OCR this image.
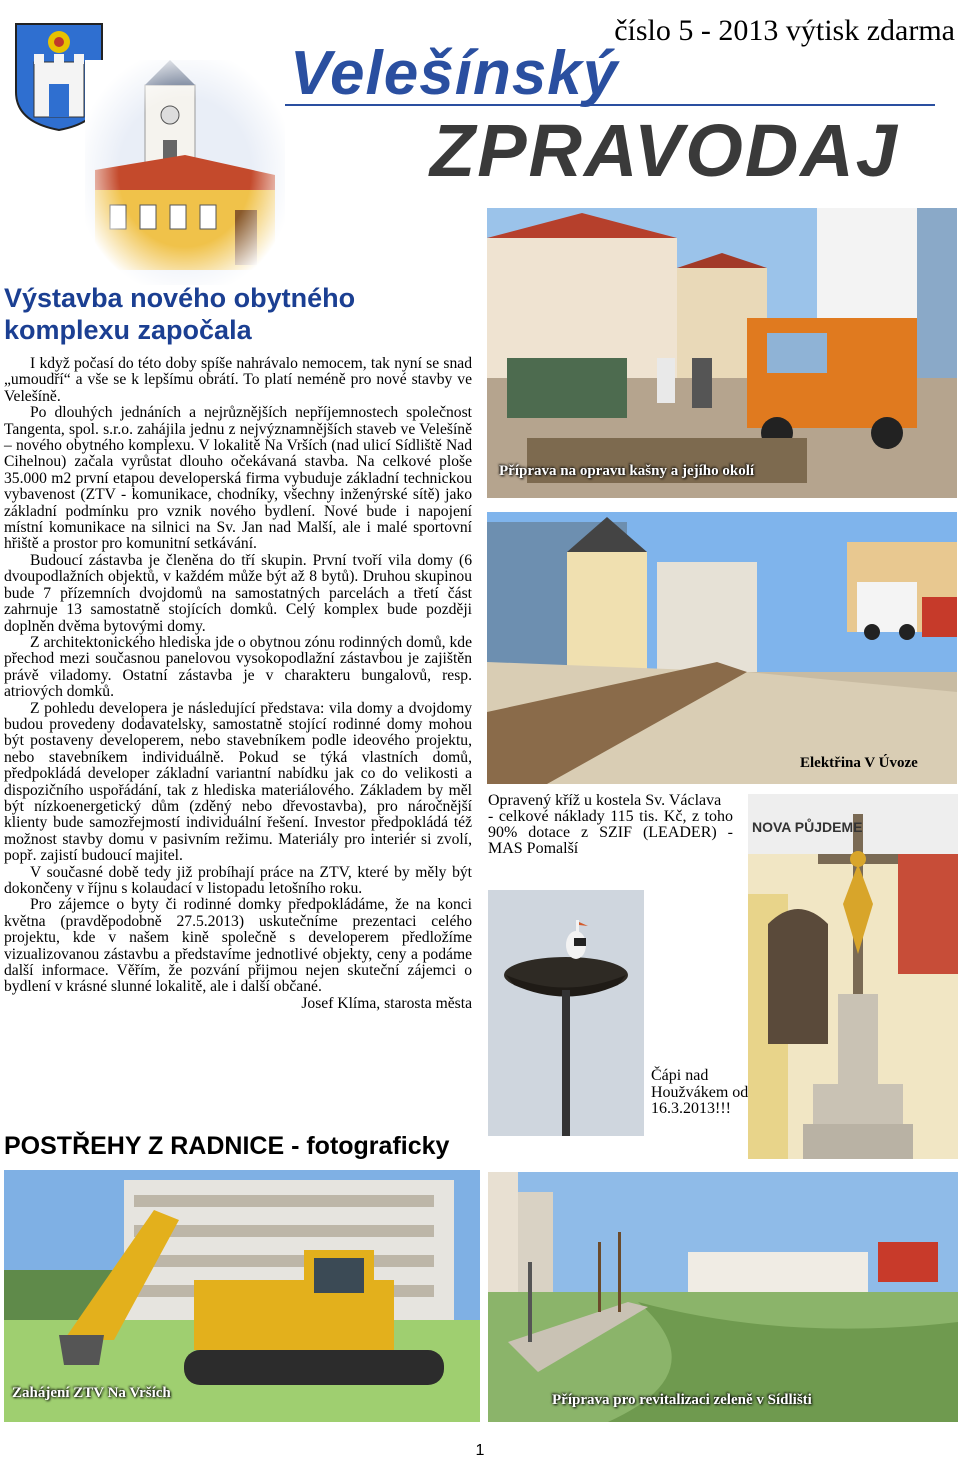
číslo 5 - 2013 výtisk zdarma
Velešínský
ZPRAVODAJ
Výstavba nového obytného komplexu započala

I když počasí do této doby spíše nahrávalo nemocem, tak nyní se snad „umoudří“ a vše se k lepšímu obrátí. To platí neméně pro nové stavby ve Velešíně.

Po dlouhých jednáních a nejrůznějších nepříjemnostech společnost Tangenta, spol. s.r.o. zahájila jednu z nejvýznamnějších staveb ve Velešíně – nového obytného komplexu. V lokalitě Na Vrších (nad ulicí Sídliště Nad Cihelnou) začala vyrůstat dlouho očekávaná stavba. Na celkové ploše 35.000 m2 první etapou developerská firma vybuduje základní technickou vybavenost (ZTV - komunikace, chodníky, všechny inženýrské sítě) jako základní podmínku pro vznik nového bydlení. Nové bude i napojení místní komunikace na silnici na Sv. Jan nad Malší, ale i malé sportovní hřiště a prostor pro komunitní setkávání.

Budoucí zástavba je členěna do tří skupin. První tvoří vila domy (6 dvoupodlažních objektů, v každém může být až 8 bytů). Druhou skupinou bude 7 přízemních dvojdomů na samostatných parcelách a třetí část zahrnuje 13 samostatně stojících domků. Celý komplex bude později doplněn dvěma bytovými domy.

Z architektonického hlediska jde o obytnou zónu rodinných domů, kde přechod mezi současnou panelovou vysokopodlažní zástavbou je zajištěn právě viladomy. Ostatní zástavba je v charakteru bungalovů, resp. atriových domků.

Z pohledu developera je následující představa: vila domy a dvojdomy budou provedeny dodavatelsky, samostatně stojící rodinné domy mohou být postaveny developerem, nebo stavebníkem podle ideového projektu, nebo stavebníkem individuálně. Pokud se týká vlastních domů, předpokládá developer základní variantní nabídku jak co do velikosti a dispozičního uspořádání, tak z hlediska materiálového. Základem by měl být nízkoenergetický dům (zděný nebo dřevostavba), pro náročnější klienty bude samozřejmostí individuální řešení. Investor předpokládá též možnost stavby domu v pasivním režimu. Materiály pro interiér si zvolí, popř. zajistí budoucí majitel.

V současné době tedy již probíhají práce na ZTV, které by měly být dokončeny v říjnu s kolaudací v listopadu letošního roku.

Pro zájemce o byty či rodinné domky předpokládáme, že na konci května (pravděpodobně 27.5.2013) uskutečníme prezentaci celého projektu, kde v našem kině společně s developerem předložíme vizualizovanou zástavbu a představíme jednotlivé objekty, ceny a podáme další informace. Věřím, že pozvání přijmou nejen skuteční zájemci o bydlení v krásné slunné lokalitě, ale i další občané.

Josef Klíma, starosta města
POSTŘEHY Z RADNICE - fotograficky
Příprava na opravu kašny a jejího okolí
Elektřina V Úvoze

Opravený kříž u kostela Sv. Václava

- celkové náklady 115 tis. Kč, z toho 90% dotace z SZIF (LEADER) - MAS Pomalší

NOVA PŮJDEME
Čápi nad Houžvákem od 16.3.2013!!!
Zahájení ZTV Na Vrších	Příprava pro revitalizaci zeleně v Sídlišti
1
